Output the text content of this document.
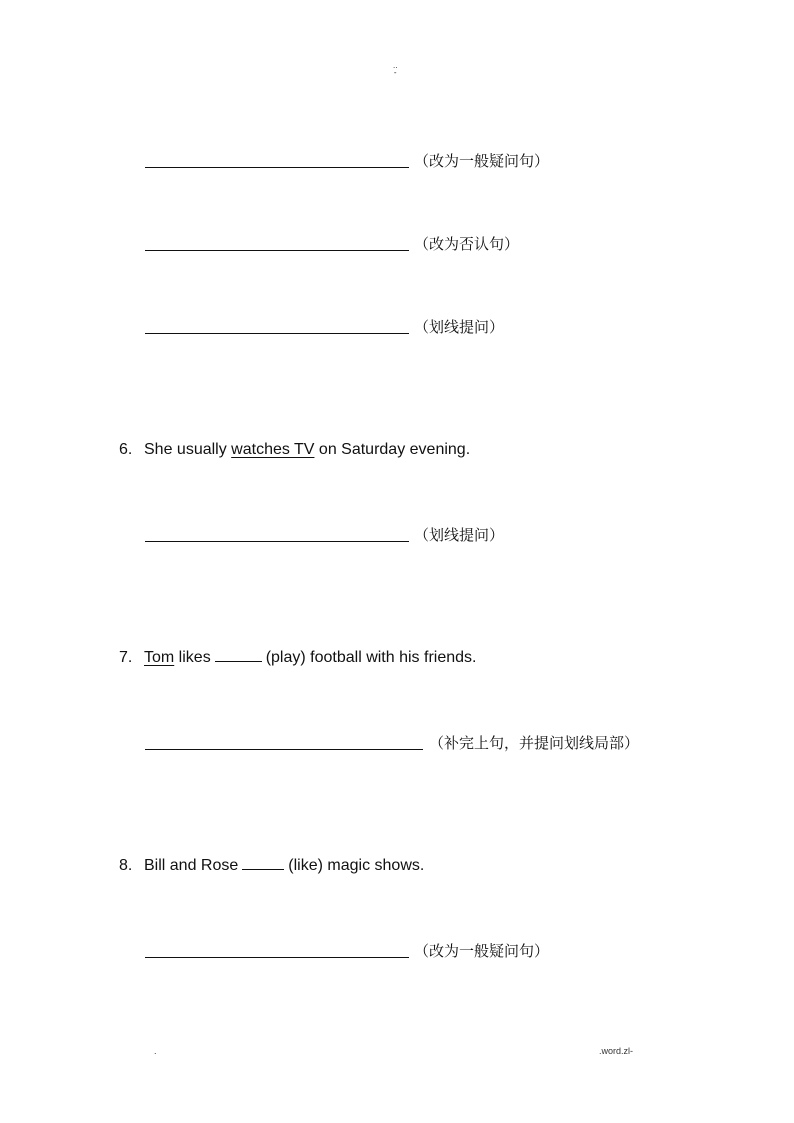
..
-
（改为一般疑问句）
（改为否认句）
（划线提问）
6. She usually watches TV on Saturday evening.
（划线提问）
7. Tom likes	(play) football with his friends.
（补完上句，并提问划线局部）
8. Bill and Rose	(like) magic shows.
（改为一般疑问句）
.	.word.zl-
